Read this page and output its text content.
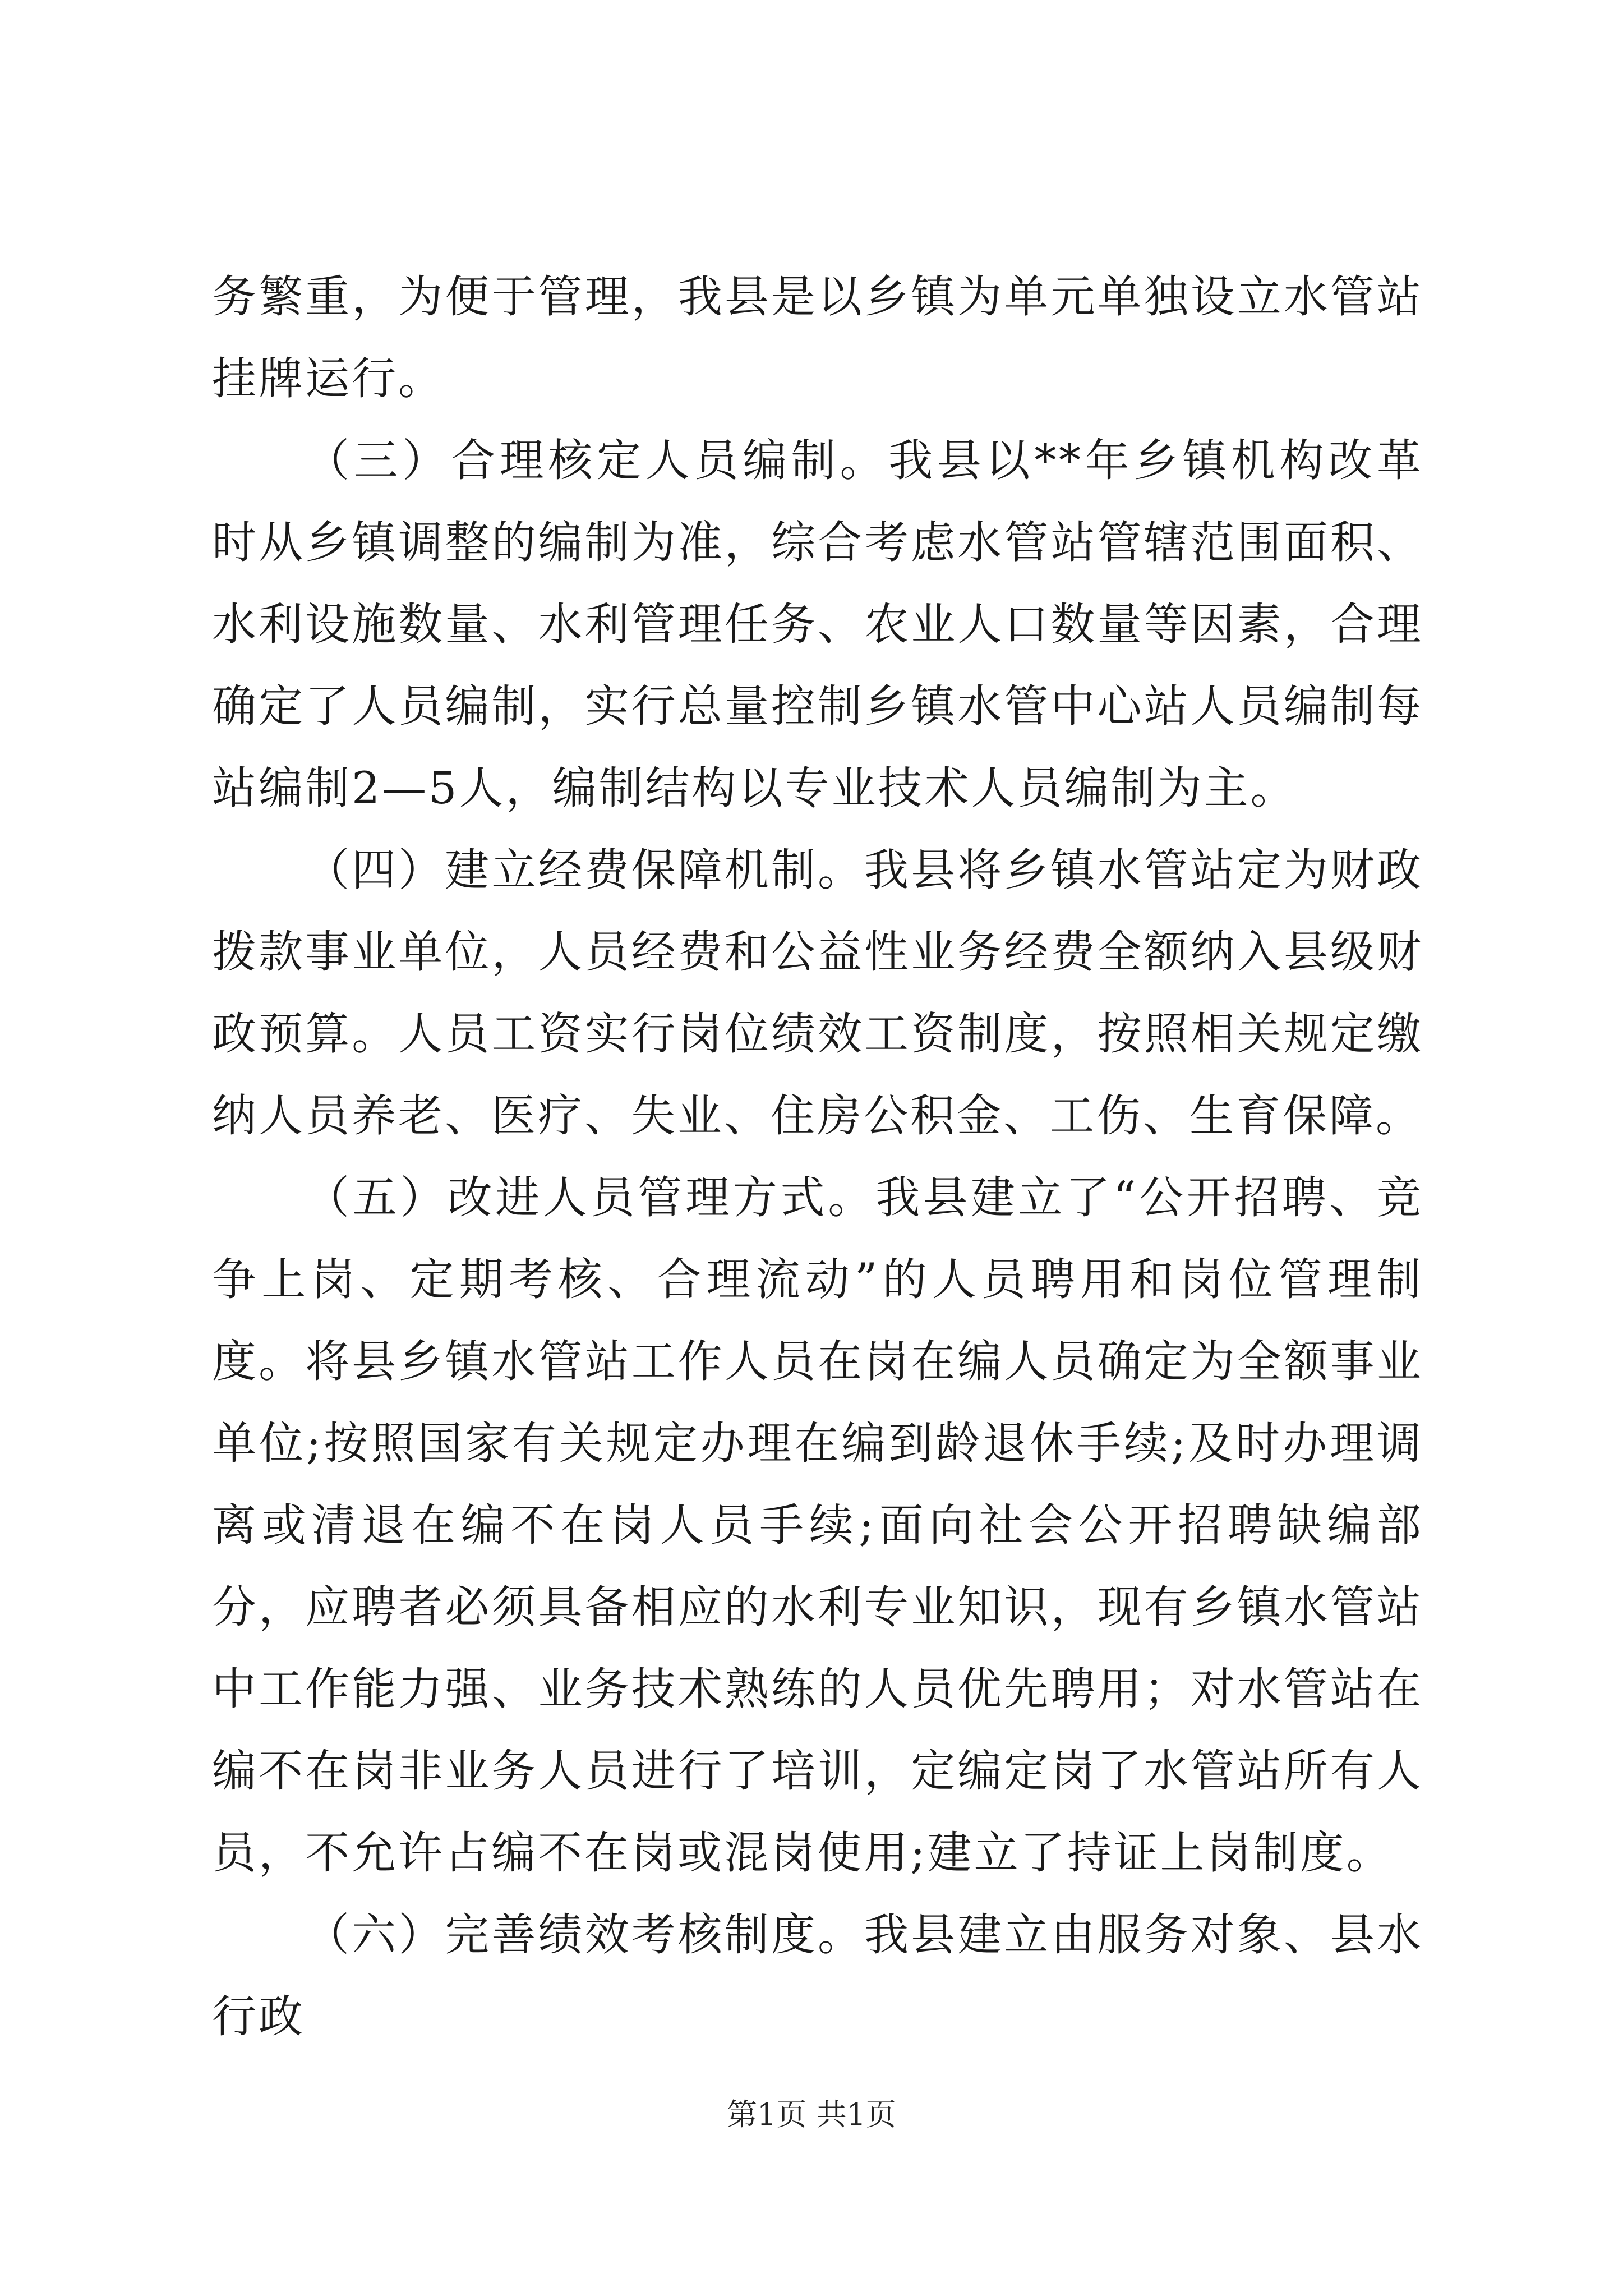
务繁重，为便于管理，我县是以乡镇为单元单独设立水管站挂牌运行。

（三）合理核定人员编制。我县以**年乡镇机构改革时从乡镇调整的编制为准，综合考虑水管站管辖范围面积、水利设施数量、水利管理任务、农业人口数量等因素，合理确定了人员编制，实行总量控制乡镇水管中心站人员编制每站编制2—5人，编制结构以专业技术人员编制为主。

（四）建立经费保障机制。我县将乡镇水管站定为财政拨款事业单位，人员经费和公益性业务经费全额纳入县级财政预算。人员工资实行岗位绩效工资制度，按照相关规定缴纳人员养老、医疗、失业、住房公积金、工伤、生育保障。

（五）改进人员管理方式。我县建立了“公开招聘、竞争上岗、定期考核、合理流动”的人员聘用和岗位管理制度。将县乡镇水管站工作人员在岗在编人员确定为全额事业单位;按照国家有关规定办理在编到龄退休手续;及时办理调离或清退在编不在岗人员手续;面向社会公开招聘缺编部分，应聘者必须具备相应的水利专业知识，现有乡镇水管站中工作能力强、业务技术熟练的人员优先聘用；对水管站在编不在岗非业务人员进行了培训，定编定岗了水管站所有人员，不允许占编不在岗或混岗使用;建立了持证上岗制度。

（六）完善绩效考核制度。我县建立由服务对象、县水行政

第1页 共1页
